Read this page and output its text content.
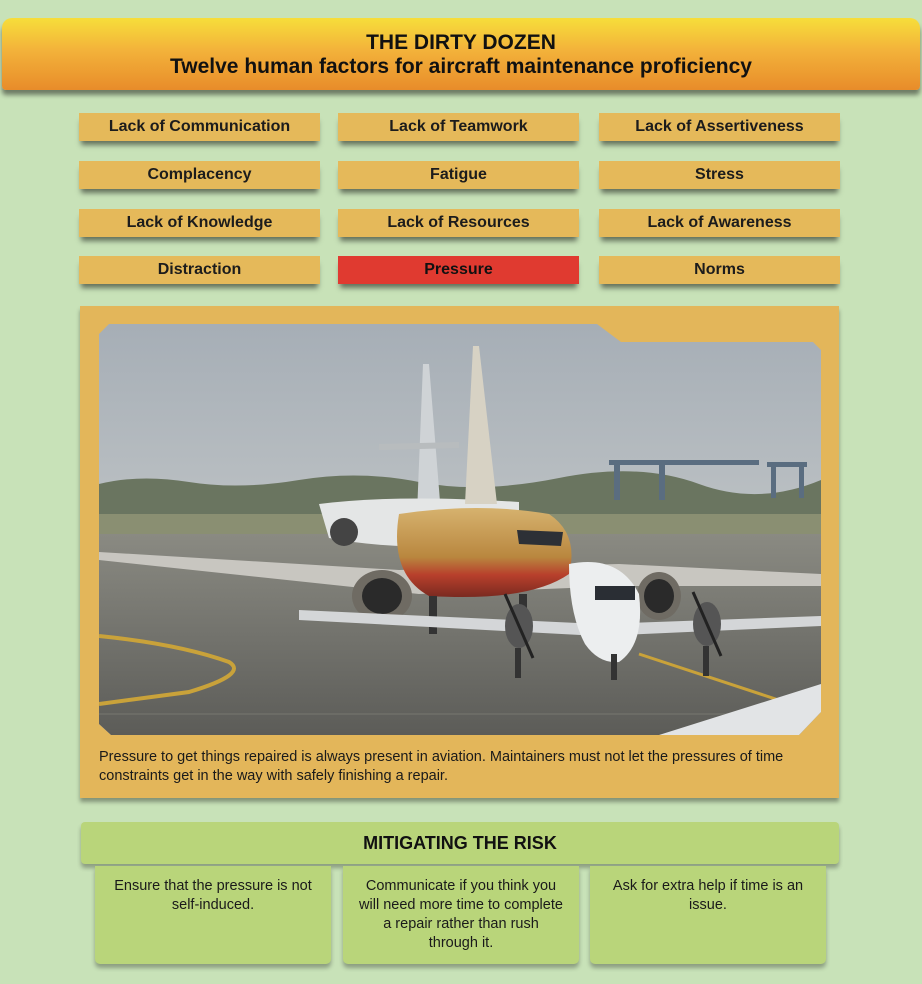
THE DIRTY DOZEN
Twelve human factors for aircraft maintenance proficiency
Lack of Communication	Lack of Teamwork	Lack of Assertiveness
Complacency	Fatigue	Stress
Lack of Knowledge	Lack of Resources	Lack of Awareness
Distraction	Pressure	Norms
Pressure to get things repaired is always present in aviation. Maintainers must not let the pressures of time constraints get in the way with safely finishing a repair.
MITIGATING THE RISK
Ensure that the pressure is not self-induced.
Communicate if you think you will need more time to complete a repair rather than rush through it.
Ask for extra help if time is an issue.
